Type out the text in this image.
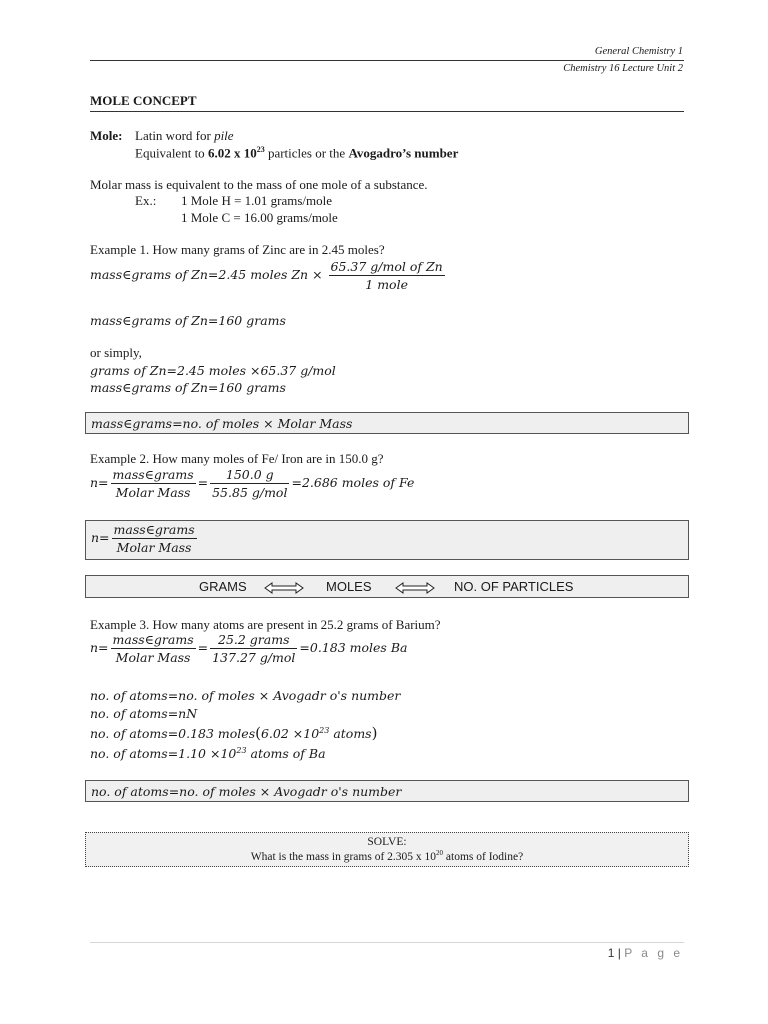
General Chemistry 1
Chemistry 16 Lecture Unit 2
MOLE CONCEPT
Mole: Latin word for pile
Equivalent to 6.02 x $10^{23}$ particles or the Avogadro’s number
Molar mass is equivalent to the mass of one mole of a substance.
Ex.: 1 Mole H = 1.01 grams/mole
1 Mole C = 16.00 grams/mole
Example 1. How many grams of Zinc are in 2.45 moles?
mass∈grams of Zn=2.45 moles $Zn \times \frac{\text{65.37 g/mol of Zn}}{\text{1 mole}}$
mass∈grams of Zn=160 grams
or simply,
grams of Zn=2.45 moles ×65.37 g/mol
mass∈grams of Zn=160 grams
mass∈grams=no. of moles × Molar Mass
Example 2. How many moles of Fe/ Iron are in 150.0 g?
$n= \frac{\text{mass∈grams}}{\text{Molar Mass}} = \frac{150.0 g}{\text{55.85 g/mol}} =2.686$ moles of Fe
$n= \frac{\text{mass∈grams}}{\text{Molar Mass}}$
GRAMS	MOLES	NO. OF PARTICLES
Example 3. How many atoms are present in 25.2 grams of Barium?
$n= \frac{\text{mass∈grams}}{\text{Molar Mass}} = \frac{\text{25.2 grams}}{\text{137.27 g/mol}} =0.183$ moles Ba
no. of atoms=no. of moles × Avogadr o's number
no. of atoms=nN
no. of atoms=0.183 moles(6.02 $\times 10^{23}$ atoms)
no. of atoms=1.10 $\times 10^{23}$ atoms of Ba
no. of atoms=no. of moles × Avogadr o's number
SOLVE:
What is the mass in grams of 2.305 x $10^{20}$ atoms of Iodine?
1 | P a g e
